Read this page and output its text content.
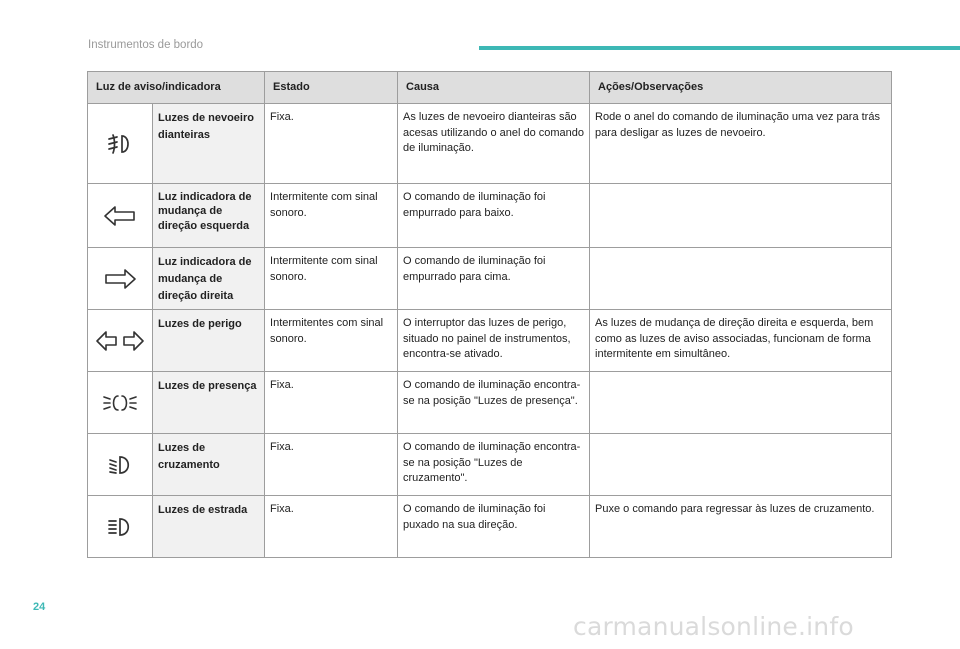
Instrumentos de bordo
Luz de aviso/indicadora		Estado	Causa	Ações/Observações

	Luzes de nevoeiro dianteiras	Fixa.	As luzes de nevoeiro dianteiras são acesas utilizando o anel do comando de iluminação.	Rode o anel do comando de iluminação uma vez para trás para desligar as luzes de nevoeiro.

	Luz indicadora de mudança de direção esquerda	Intermitente com sinal sonoro.	O comando de iluminação foi empurrado para baixo.	

	Luz indicadora de mudança de direção direita	Intermitente com sinal sonoro.	O comando de iluminação foi empurrado para cima.	

	Luzes de perigo	Intermitentes com sinal sonoro.	O interruptor das luzes de perigo, situado no painel de instrumentos, encontra-se ativado.	As luzes de mudança de direção direita e esquerda, bem como as luzes de aviso associadas, funcionam de forma intermitente em simultâneo.

	Luzes de presença	Fixa.	O comando de iluminação encontra-se na posição "Luzes de presença".	

	Luzes de cruzamento	Fixa.	O comando de iluminação encontra-se na posição "Luzes de cruzamento".	

	Luzes de estrada	Fixa.	O comando de iluminação foi puxado na sua direção.	Puxe o comando para regressar às luzes de cruzamento.
24
carmanualsonline.info
